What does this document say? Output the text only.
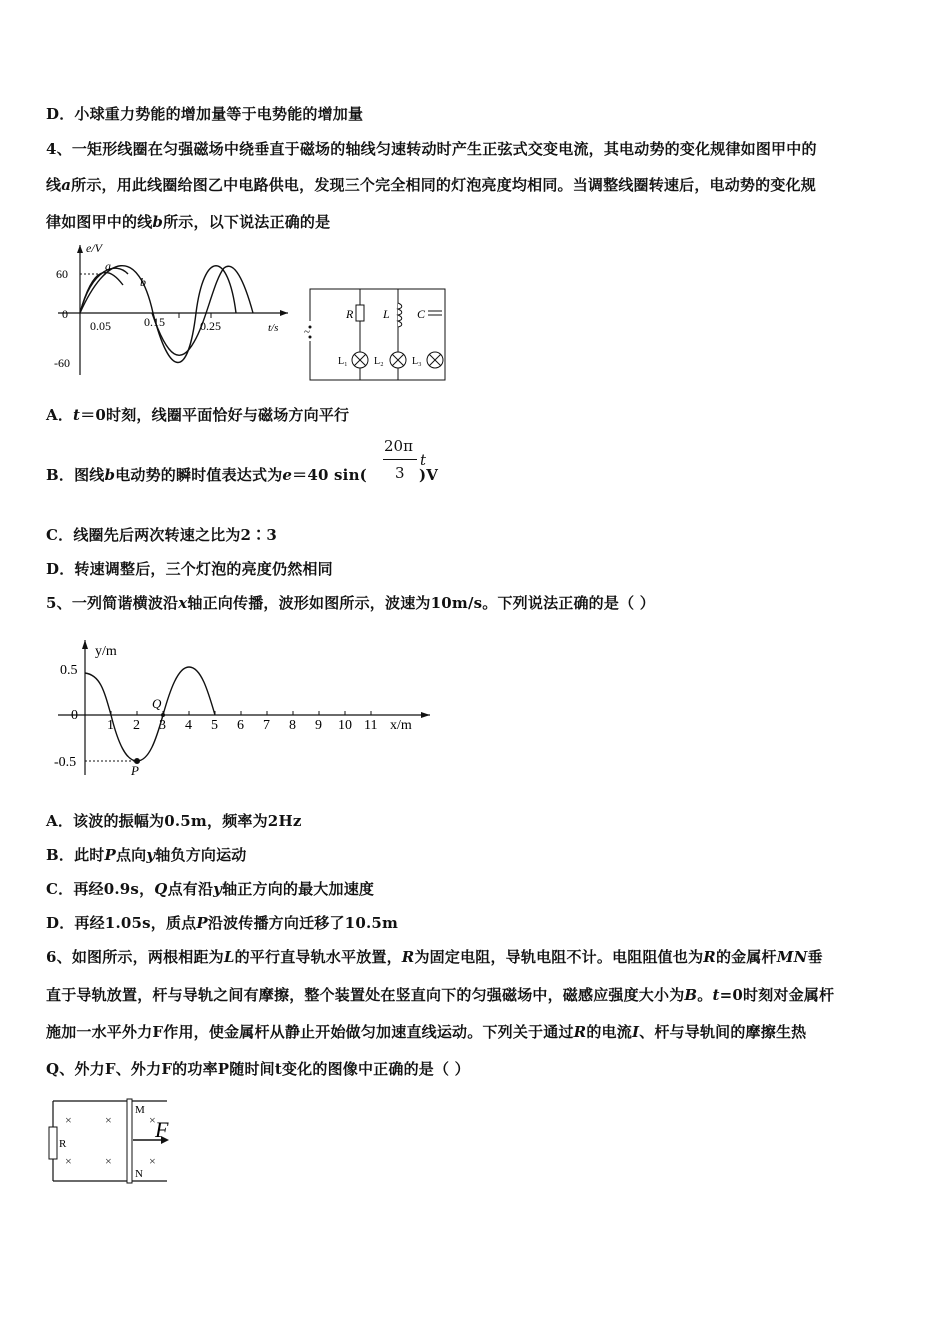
D．小球重力势能的增加量等于电势能的增加量
4、一矩形线圈在匀强磁场中绕垂直于磁场的轴线匀速转动时产生正弦式交变电流，其电动势的变化规律如图甲中的
线a所示，用此线圈给图乙中电路供电，发现三个完全相同的灯泡亮度均相同。当调整线圈转速后，电动势的变化规
律如图甲中的线b所示，以下说法正确的是
e/V
t/s
60
-60
0
0.05	0.15	0.25
a
b
R L C
L₁	L₂	L₃
~
A．t＝0时刻，线圈平面恰好与磁场方向平行
B．图线b电动势的瞬时值表达式为e＝40 sin(	)V
20π
3
t
C．线圈先后两次转速之比为2∶3
D．转速调整后，三个灯泡的亮度仍然相同
5、一列简谐横波沿x轴正向传播，波形如图所示，波速为10m/s。下列说法正确的是（ ）
y/m
x/m
0.5
-0.5
0
1 2 3 4 5 6 7 8 9 10 11
P
Q
A．该波的振幅为0.5m，频率为2Hz
B．此时P点向y轴负方向运动
C．再经0.9s，Q点有沿y轴正方向的最大加速度
D．再经1.05s，质点P沿波传播方向迁移了10.5m
6、如图所示，两根相距为L的平行直导轨水平放置，R为固定电阻，导轨电阻不计。电阻阻值也为R的金属杆MN垂
直于导轨放置，杆与导轨之间有摩擦，整个装置处在竖直向下的匀强磁场中，磁感应强度大小为B。t=0时刻对金属杆
施加一水平外力F作用，使金属杆从静止开始做匀加速直线运动。下列关于通过R的电流I、杆与导轨间的摩擦生热
Q、外力F、外力F的功率P随时间t变化的图像中正确的是（ ）
×	×	×
×	×	×
R
M
N
F
